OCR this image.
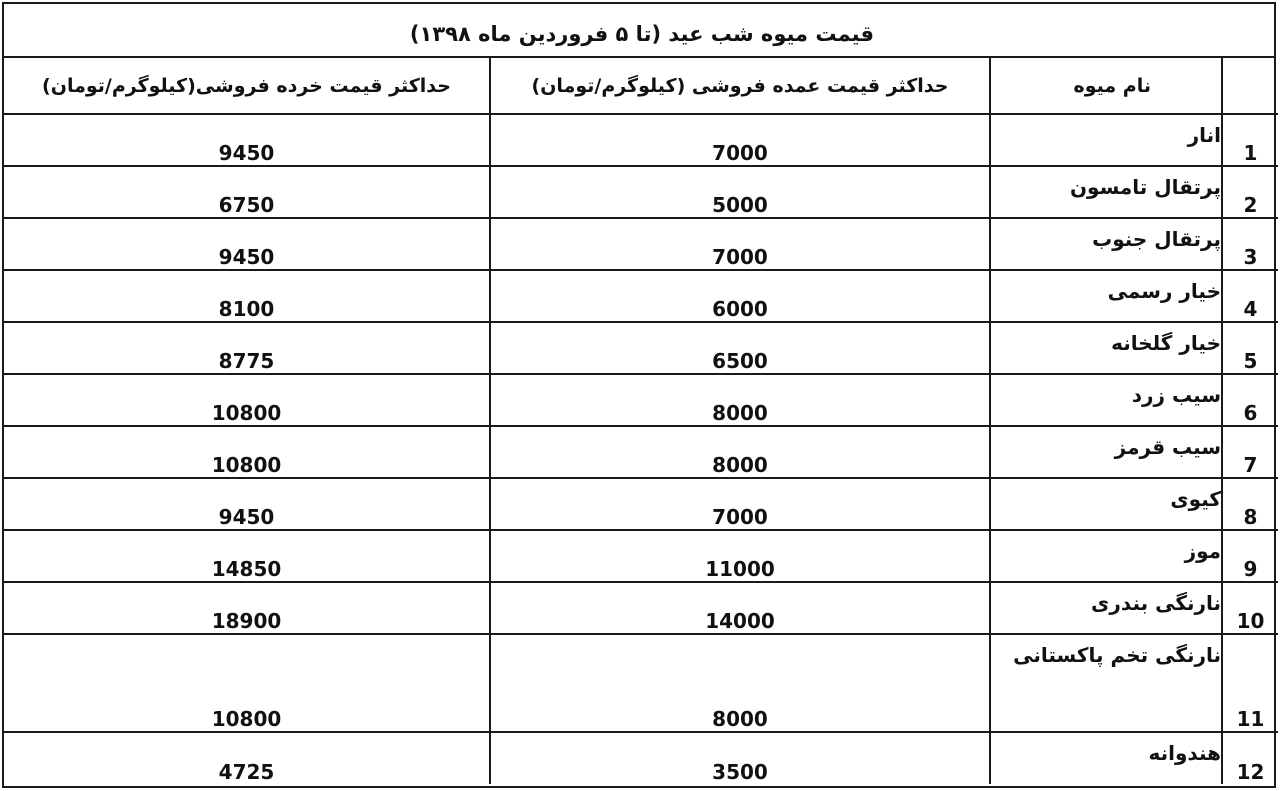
قیمت میوه شب عید (تا ۵ فروردین ماه ۱۳۹۸)
حداکثر قیمت خرده فروشی(کیلوگرم/تومان)	حداکثر قیمت عمده فروشی (کیلوگرم/تومان)	نام میوه	
9450	7000	انار	1
6750	5000	پرتقال تامسون	2
9450	7000	پرتقال جنوب	3
8100	6000	خیار رسمی	4
8775	6500	خیار گلخانه	5
10800	8000	سیب زرد	6
10800	8000	سیب قرمز	7
9450	7000	کیوی	8
14850	11000	موز	9
18900	14000	نارنگی بندری	10
10800	8000	نارنگی تخم پاکستانی	11
4725	3500	هندوانه	12
